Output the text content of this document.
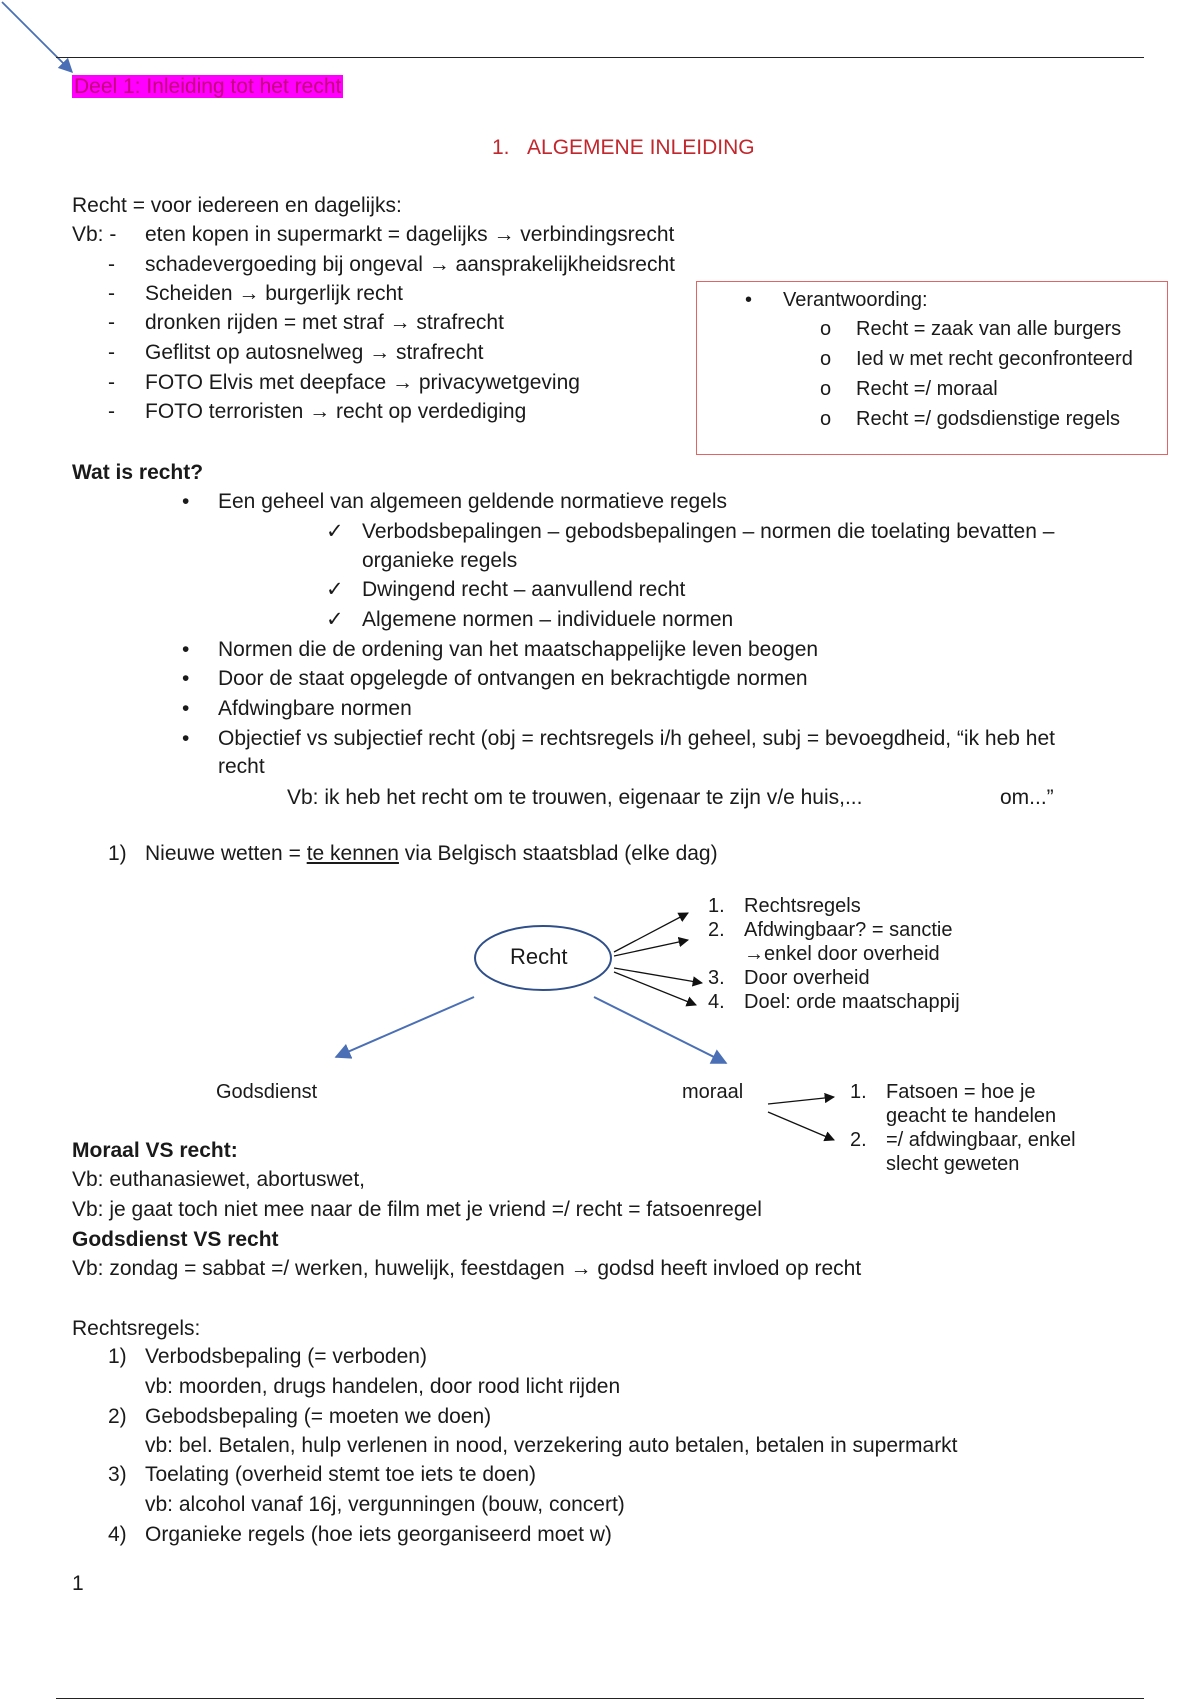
Deel 1: Inleiding tot het recht
1. ALGEMENE INLEIDING
Recht = voor iedereen en dagelijks:
Vb: - eten kopen in supermarkt = dagelijks → verbindingsrecht
- schadevergoeding bij ongeval → aansprakelijkheidsrecht
- Scheiden → burgerlijk recht
- dronken rijden = met straf → strafrecht
- Geflitst op autosnelweg → strafrecht
- FOTO Elvis met deepface → privacywetgeving
- FOTO terroristen → recht op verdediging
• Verantwoording:
o Recht = zaak van alle burgers
o Ied w met recht geconfronteerd
o Recht =/ moraal
o Recht =/ godsdienstige regels
Wat is recht?
• Een geheel van algemeen geldende normatieve regels
✓ Verbodsbepalingen – gebodsbepalingen – normen die toelating bevatten –
organieke regels
✓ Dwingend recht – aanvullend recht
✓ Algemene normen – individuele normen
• Normen die de ordening van het maatschappelijke leven beogen
• Door de staat opgelegde of ontvangen en bekrachtigde normen
• Afdwingbare normen
• Objectief vs subjectief recht (obj = rechtsregels i/h geheel, subj = bevoegdheid, “ik heb het
recht
Vb: ik heb het recht om te trouwen, eigenaar te zijn v/e huis,...	om...”
1) Nieuwe wetten = te kennen via Belgisch staatsblad (elke dag)
Recht
1. Rechtsregels
2. Afdwingbaar? = sanctie
→enkel door overheid
3. Door overheid
4. Doel: orde maatschappij
Godsdienst	moraal	1. Fatsoen = hoe je
geacht te handelen
2. =/ afdwingbaar, enkel
slecht geweten
Moraal VS recht:
Vb: euthanasiewet, abortuswet,
Vb: je gaat toch niet mee naar de film met je vriend =/ recht = fatsoenregel
Godsdienst VS recht
Vb: zondag = sabbat =/ werken, huwelijk, feestdagen → godsd heeft invloed op recht
Rechtsregels:
1) Verbodsbepaling (= verboden)
vb: moorden, drugs handelen, door rood licht rijden
2) Gebodsbepaling (= moeten we doen)
vb: bel. Betalen, hulp verlenen in nood, verzekering auto betalen, betalen in supermarkt
3) Toelating (overheid stemt toe iets te doen)
vb: alcohol vanaf 16j, vergunningen (bouw, concert)
4) Organieke regels (hoe iets georganiseerd moet w)
1
